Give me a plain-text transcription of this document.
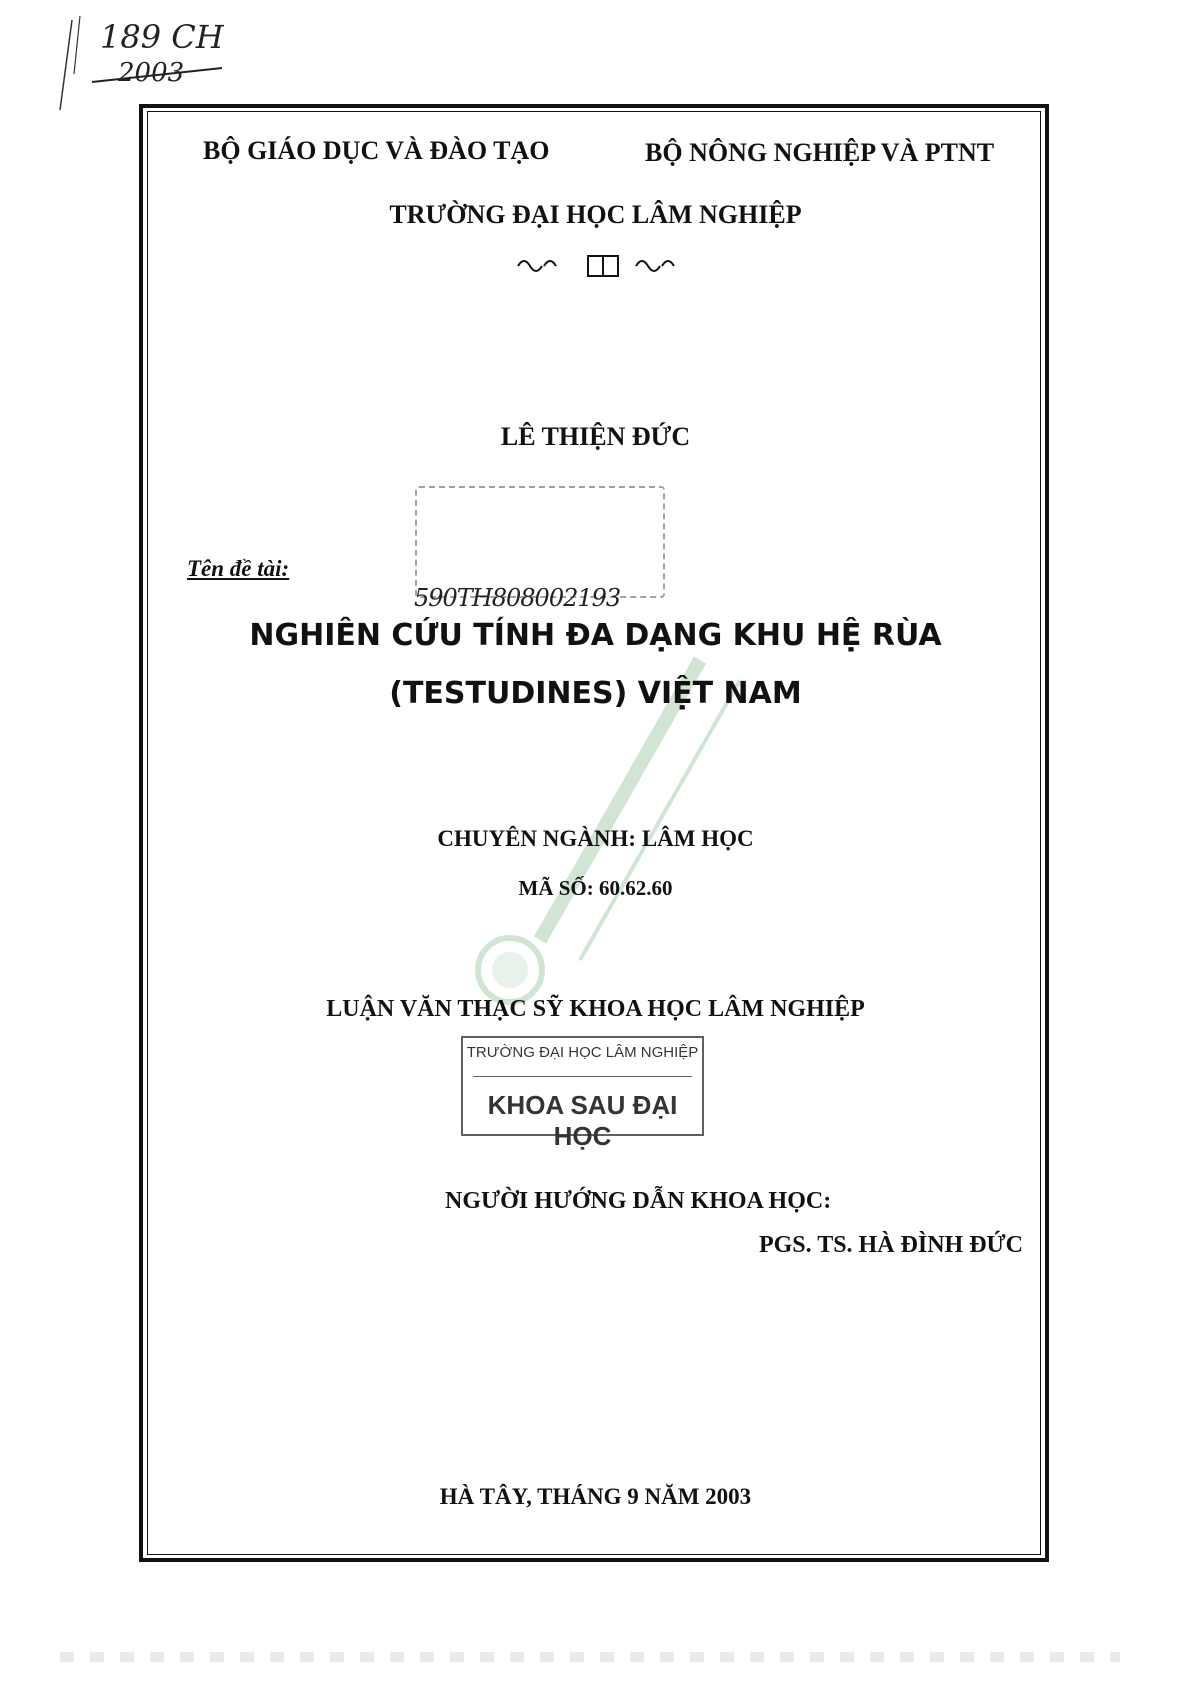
189 CH
2003
BỘ GIÁO DỤC VÀ ĐÀO TẠO	BỘ NÔNG NGHIỆP VÀ PTNT
TRƯỜNG ĐẠI HỌC LÂM NGHIỆP
LÊ THIỆN ĐỨC
Tên đề tài:
590TH808002193
NGHIÊN CỨU TÍNH ĐA DẠNG KHU HỆ RÙA
(TESTUDINES) VIỆT NAM
CHUYÊN NGÀNH: LÂM HỌC
MÃ SỐ: 60.62.60
LUẬN VĂN THẠC SỸ KHOA HỌC LÂM NGHIỆP
TRƯỜNG ĐẠI HỌC LÂM NGHIỆP
KHOA SAU ĐẠI HỌC
NGƯỜI HƯỚNG DẪN KHOA HỌC:
PGS. TS. HÀ ĐÌNH ĐỨC
HÀ TÂY, THÁNG 9 NĂM 2003
